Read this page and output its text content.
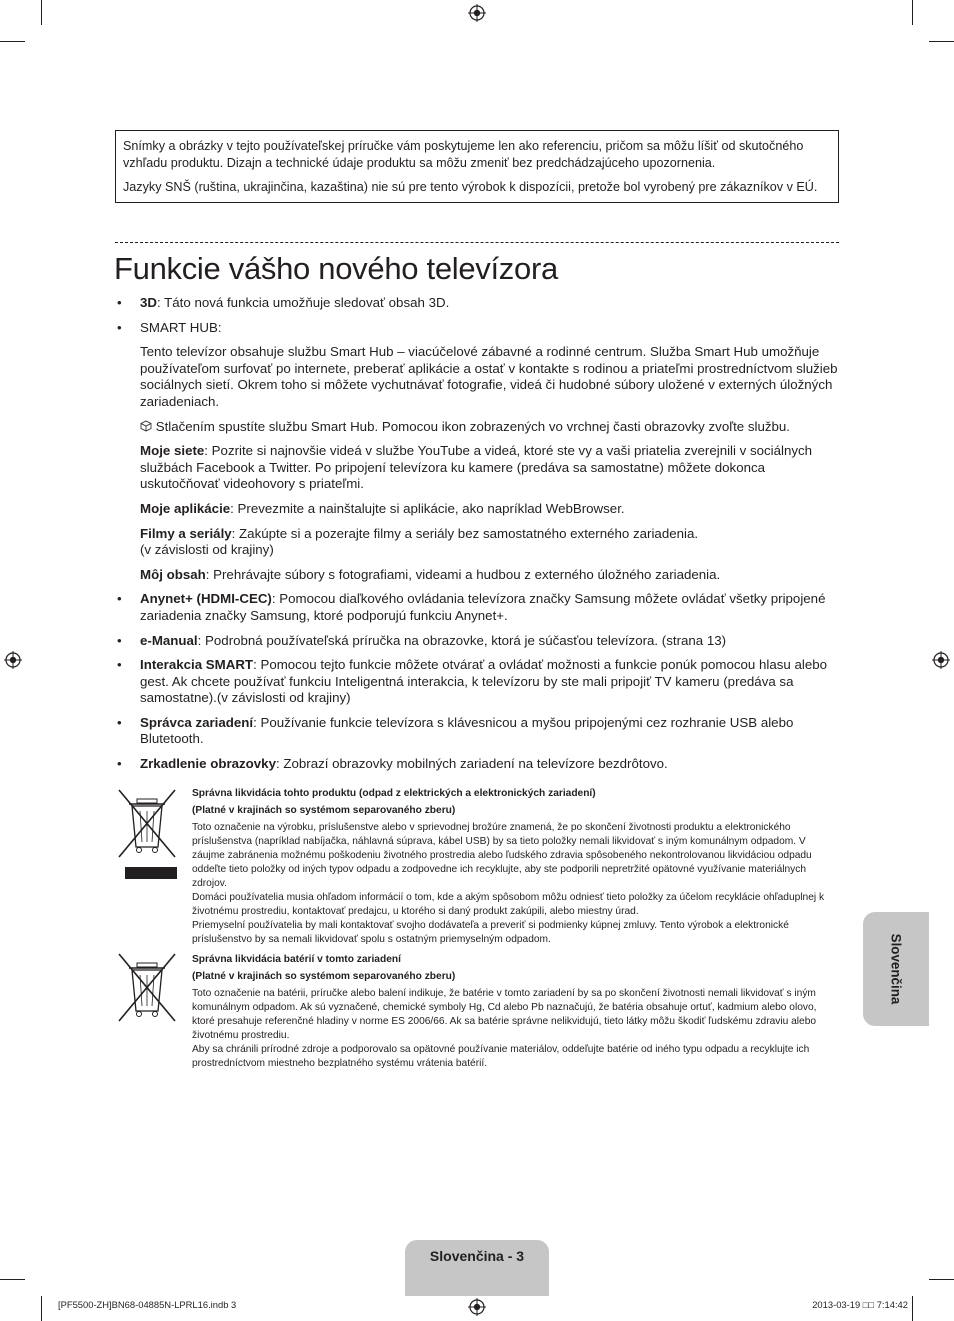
Snímky a obrázky v tejto používateľskej príručke vám poskytujeme len ako referenciu, pričom sa môžu líšiť od skutočného vzhľadu produktu. Dizajn a technické údaje produktu sa môžu zmeniť bez predchádzajúceho upozornenia.

Jazyky SNŠ (ruština, ukrajinčina, kazaština) nie sú pre tento výrobok k dispozícii, pretože bol vyrobený pre zákazníkov v EÚ.

Funkcie vášho nového televízora
• 3D: Táto nová funkcia umožňuje sledovať obsah 3D.

• SMART HUB:

Tento televízor obsahuje službu Smart Hub – viacúčelové zábavné a rodinné centrum. Služba Smart Hub umožňuje používateľom surfovať po internete, preberať aplikácie a ostať v kontakte s rodinou a priateľmi prostredníctvom služieb sociálnych sietí. Okrem toho si môžete vychutnávať fotografie, videá či hudobné súbory uložené v externých úložných zariadeniach.

Stlačením spustíte službu Smart Hub. Pomocou ikon zobrazených vo vrchnej časti obrazovky zvoľte službu.

Moje siete: Pozrite si najnovšie videá v službe YouTube a videá, ktoré ste vy a vaši priatelia zverejnili v sociálnych službách Facebook a Twitter. Po pripojení televízora ku kamere (predáva sa samostatne) môžete dokonca uskutočňovať videohovory s priateľmi.

Moje aplikácie: Prevezmite a nainštalujte si aplikácie, ako napríklad WebBrowser.

Filmy a seriály: Zakúpte si a pozerajte filmy a seriály bez samostatného externého zariadenia.
(v závislosti od krajiny)

Môj obsah: Prehrávajte súbory s fotografiami, videami a hudbou z externého úložného zariadenia.

• Anynet+ (HDMI-CEC): Pomocou diaľkového ovládania televízora značky Samsung môžete ovládať všetky pripojené zariadenia značky Samsung, ktoré podporujú funkciu Anynet+.

• e-Manual: Podrobná používateľská príručka na obrazovke, ktorá je súčasťou televízora. (strana 13)

• Interakcia SMART: Pomocou tejto funkcie môžete otvárať a ovládať možnosti a funkcie ponúk pomocou hlasu alebo gest. Ak chcete používať funkciu Inteligentná interakcia, k televízoru by ste mali pripojiť TV kameru (predáva sa samostatne).(v závislosti od krajiny)

• Správca zariadení: Používanie funkcie televízora s klávesnicou a myšou pripojenými cez rozhranie USB alebo Blutetooth.

• Zrkadlenie obrazovky: Zobrazí obrazovky mobilných zariadení na televízore bezdrôtovo.

Správna likvidácia tohto produktu (odpad z elektrických a elektronických zariadení)

(Platné v krajinách so systémom separovaného zberu)

Toto označenie na výrobku, príslušenstve alebo v sprievodnej brožúre znamená, že po skončení životnosti produktu a elektronického príslušenstva (napríklad nabíjačka, náhlavná súprava, kábel USB) by sa tieto položky nemali likvidovať s iným komunálnym odpadom. V záujme zabránenia možnému poškodeniu životného prostredia alebo ľudského zdravia spôsobeného nekontrolovanou likvidáciou odpadu oddeľte tieto položky od iných typov odpadu a zodpovedne ich recyklujte, aby ste podporili nepretržité opätovné využívanie materiálnych zdrojov.

Domáci používatelia musia ohľadom informácií o tom, kde a akým spôsobom môžu odniesť tieto položky za účelom recyklácie ohľaduplnej k životnému prostrediu, kontaktovať predajcu, u ktorého si daný produkt zakúpili, alebo miestny úrad.

Priemyselní používatelia by mali kontaktovať svojho dodávateľa a preveriť si podmienky kúpnej zmluvy. Tento výrobok a elektronické príslušenstvo by sa nemali likvidovať spolu s ostatným priemyselným odpadom.

Správna likvidácia batérií v tomto zariadení

(Platné v krajinách so systémom separovaného zberu)

Toto označenie na batérii, príručke alebo balení indikuje, že batérie v tomto zariadení by sa po skončení životnosti nemali likvidovať s iným komunálnym odpadom. Ak sú vyznačené, chemické symboly Hg, Cd alebo Pb naznačujú, že batéria obsahuje ortuť, kadmium alebo olovo, ktoré presahuje referenčné hladiny v norme ES 2006/66. Ak sa batérie správne nelikvidujú, tieto látky môžu škodiť ľudskému zdraviu alebo životnému prostrediu.

Aby sa chránili prírodné zdroje a podporovalo sa opätovné používanie materiálov, oddeľujte batérie od iného typu odpadu a recyklujte ich prostredníctvom miestneho bezplatného systému vrátenia batérií.

Slovenčina
Slovenčina - 3
[PF5500-ZH]BN68-04885N-LPRL16.indb 3	2013-03-19 □□ 7:14:42
